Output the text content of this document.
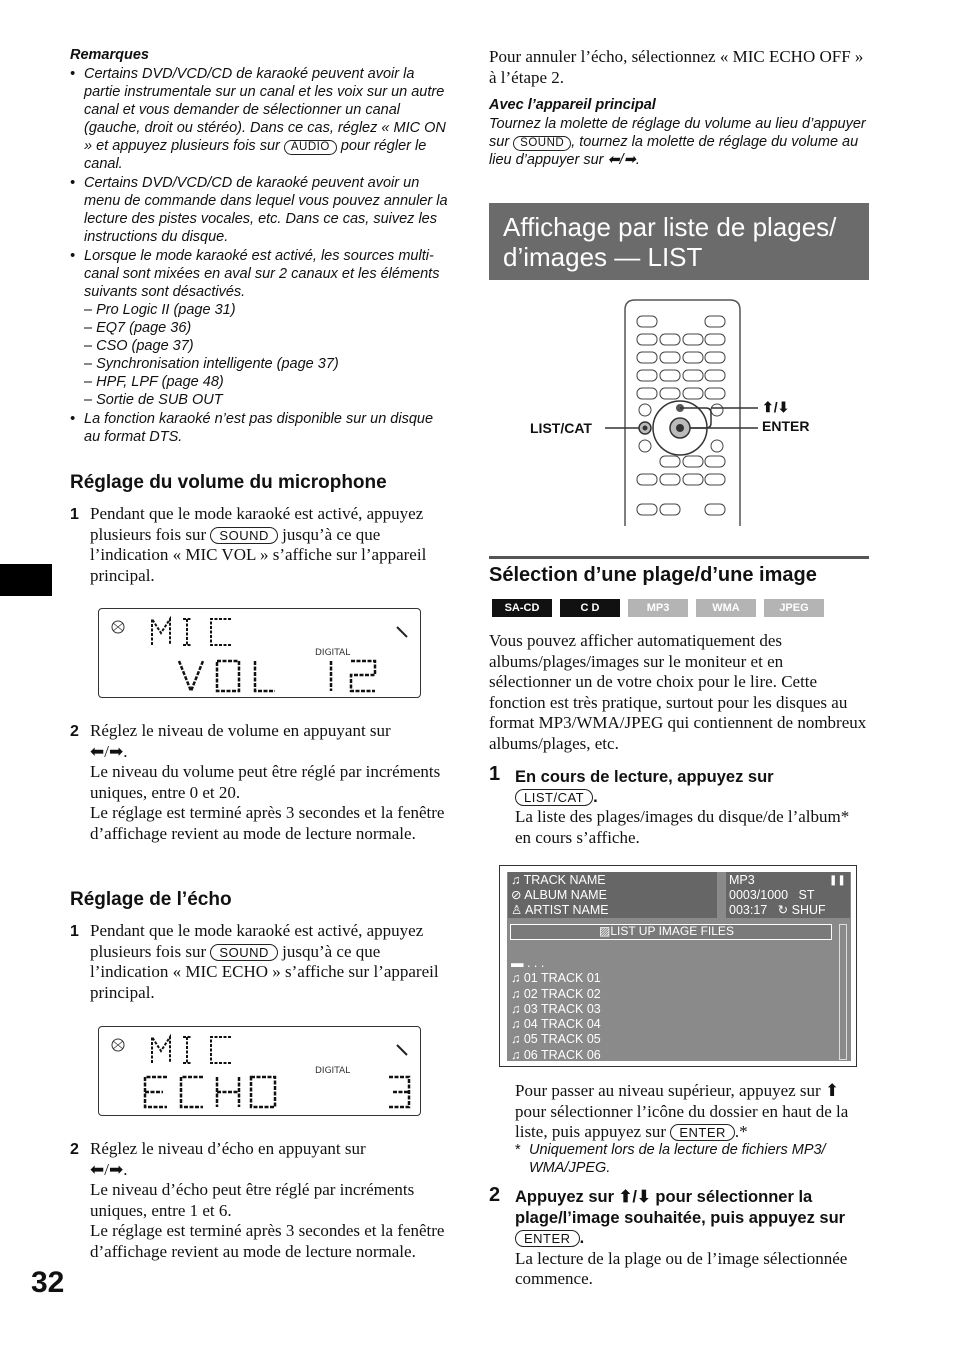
32
Remarques
• Certains DVD/VCD/CD de karaoké peuvent avoir la partie instrumentale sur un canal et les voix sur un autre canal et vous demander de sélectionner un canal (gauche, droit ou stéréo). Dans ce cas, réglez « MIC ON » et appuyez plusieurs fois sur AUDIO pour régler le canal.
• Certains DVD/VCD/CD de karaoké peuvent avoir un menu de commande dans lequel vous pouvez annuler la lecture des pistes vocales, etc. Dans ce cas, suivez les instructions du disque.
• Lorsque le mode karaoké est activé, les sources multi-canal sont mixées en aval sur 2 canaux et les éléments suivants sont désactivés.
– Pro Logic II (page 31)
– EQ7 (page 36)
– CSO (page 37)
– Synchronisation intelligente (page 37)
– HPF, LPF (page 48)
– Sortie de SUB OUT
• La fonction karaoké n’est pas disponible sur un disque au format DTS.
Réglage du volume du microphone
1 Pendant que le mode karaoké est activé, appuyez plusieurs fois sur SOUND jusqu’à ce que l’indication « MIC VOL » s’affiche sur l’appareil principal.
DIGITAL
2 Réglez le niveau de volume en appuyant sur
⬅/➡.
Le niveau du volume peut être réglé par incréments uniques, entre 0 et 20.
Le réglage est terminé après 3 secondes et la fenêtre d’affichage revient au mode de lecture normale.
Réglage de l’écho
1 Pendant que le mode karaoké est activé, appuyez plusieurs fois sur SOUND jusqu’à ce que l’indication « MIC ECHO » s’affiche sur l’appareil principal.
DIGITAL
2 Réglez le niveau d’écho en appuyant sur
⬅/➡.
Le niveau d’écho peut être réglé par incréments uniques, entre 1 et 6.
Le réglage est terminé après 3 secondes et la fenêtre d’affichage revient au mode de lecture normale.
Pour annuler l’écho, sélectionnez « MIC ECHO OFF » à l’étape 2.
Avec l’appareil principal
Tournez la molette de réglage du volume au lieu d’appuyer sur SOUND , tournez la molette de réglage du volume au lieu d’appuyer sur ⬅/➡.
Affichage par liste de plages/
d’images — LIST
LIST/CAT
⬆/⬇
ENTER
Sélection d’une plage/d’une image
SA-CD	C D	MP3	WMA	JPEG
Vous pouvez afficher automatiquement des albums/plages/images sur le moniteur et en sélectionner un de votre choix pour le lire. Cette fonction est très pratique, surtout pour les disques au format MP3/WMA/JPEG qui contiennent de nombreux albums/plages, etc.
1 En cours de lecture, appuyez sur
LIST/CAT .
La liste des plages/images du disque/de l’album* en cours s’affiche.
♫ TRACK NAME
⊘ ALBUM NAME
♙ ARTIST NAME
MP3	❚❚
0003/1000 ST
003:17   ↻ SHUF
▨LIST UP IMAGE FILES
▬ . . .
♫ 01 TRACK 01
♫ 02 TRACK 02
♫ 03 TRACK 03
♫ 04 TRACK 04
♫ 05 TRACK 05
♫ 06 TRACK 06
Pour passer au niveau supérieur, appuyez sur ⬆ pour sélectionner l’icône du dossier en haut de la liste, puis appuyez sur ENTER .*
* Uniquement lors de la lecture de fichiers MP3/ WMA/JPEG.
2 Appuyez sur ⬆/⬇ pour sélectionner la plage/l’image souhaitée, puis appuyez sur ENTER .
La lecture de la plage ou de l’image sélectionnée commence.
